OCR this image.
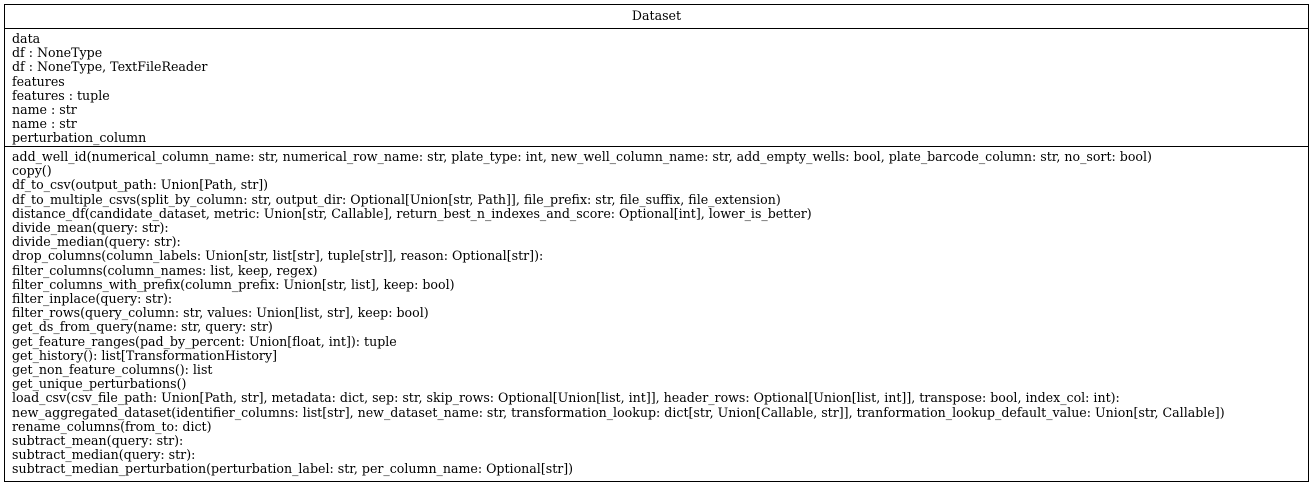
Dataset
data
df : NoneType
df : NoneType, TextFileReader
features
features : tuple
name : str
name : str
perturbation_column
add_well_id(numerical_column_name: str, numerical_row_name: str, plate_type: int, new_well_column_name: str, add_empty_wells: bool, plate_barcode_column: str, no_sort: bool)
copy()
df_to_csv(output_path: Union[Path, str])
df_to_multiple_csvs(split_by_column: str, output_dir: Optional[Union[str, Path]], file_prefix: str, file_suffix, file_extension)
distance_df(candidate_dataset, metric: Union[str, Callable], return_best_n_indexes_and_score: Optional[int], lower_is_better)
divide_mean(query: str):
divide_median(query: str):
drop_columns(column_labels: Union[str, list[str], tuple[str]], reason: Optional[str]):
filter_columns(column_names: list, keep, regex)
filter_columns_with_prefix(column_prefix: Union[str, list], keep: bool)
filter_inplace(query: str):
filter_rows(query_column: str, values: Union[list, str], keep: bool)
get_ds_from_query(name: str, query: str)
get_feature_ranges(pad_by_percent: Union[float, int]): tuple
get_history(): list[TransformationHistory]
get_non_feature_columns(): list
get_unique_perturbations()
load_csv(csv_file_path: Union[Path, str], metadata: dict, sep: str, skip_rows: Optional[Union[list, int]], header_rows: Optional[Union[list, int]], transpose: bool, index_col: int):
new_aggregated_dataset(identifier_columns: list[str], new_dataset_name: str, transformation_lookup: dict[str, Union[Callable, str]], tranformation_lookup_default_value: Union[str, Callable])
rename_columns(from_to: dict)
subtract_mean(query: str):
subtract_median(query: str):
subtract_median_perturbation(perturbation_label: str, per_column_name: Optional[str])
